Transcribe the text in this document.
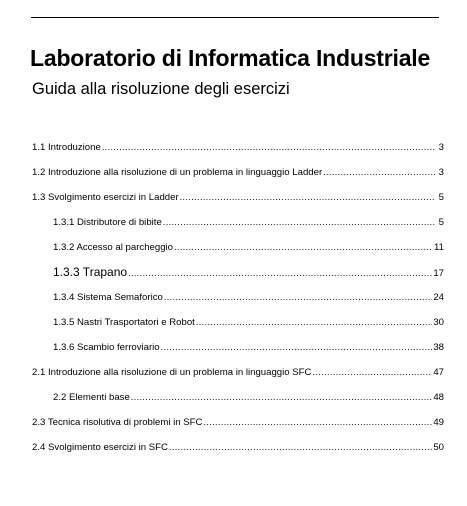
Laboratorio di Informatica Industriale
Guida alla risoluzione degli esercizi
1.1 Introduzione .....	3
1.2 Introduzione alla risoluzione di un problema in linguaggio Ladder .....	3
1.3 Svolgimento esercizi in Ladder .....	5
1.3.1 Distributore di bibite .....	5
1.3.2 Accesso al parcheggio .....	11
1.3.3 Trapano .....	17
1.3.4 Sistema Semaforico .....	24
1.3.5 Nastri Trasportatori e Robot .....	30
1.3.6 Scambio ferroviario .....	38
2.1 Introduzione alla risoluzione di un problema in linguaggio SFC .....	47
2.2 Elementi base .....	48
2.3 Tecnica risolutiva di problemi in SFC .....	49
2.4 Svolgimento esercizi in SFC .....	50
